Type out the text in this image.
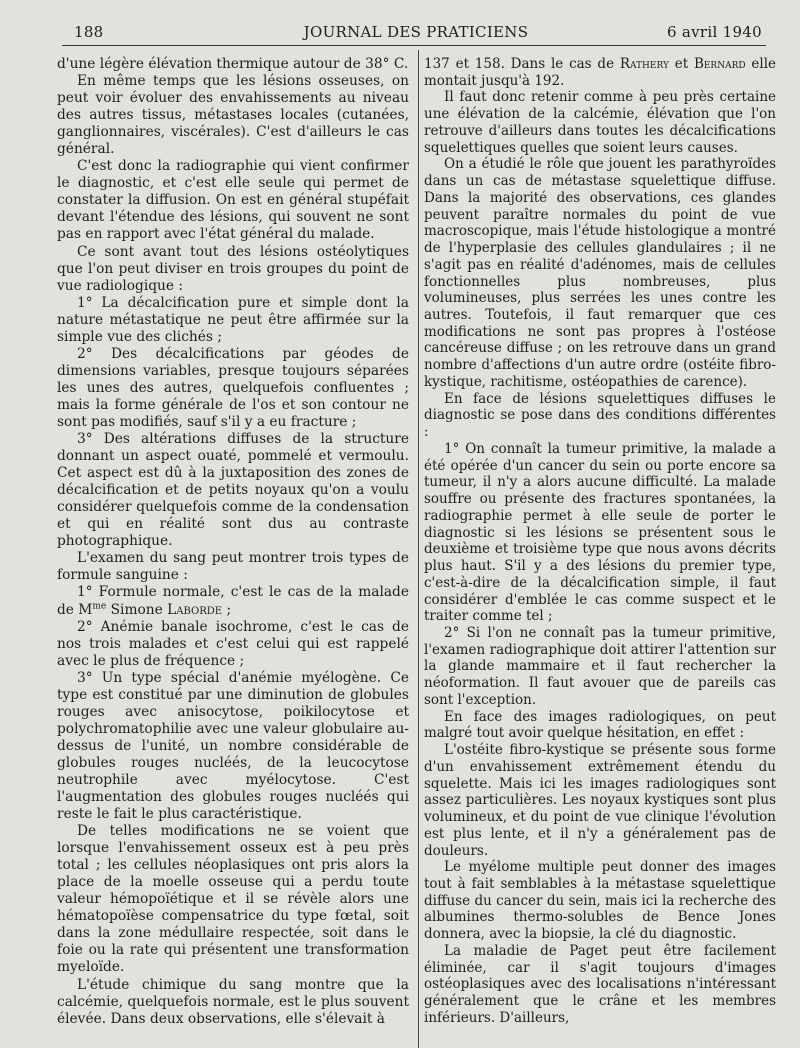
188	JOURNAL DES PRATICIENS	6 avril 1940

d'une légère élévation thermique autour de 38° C.

En même temps que les lésions osseuses, on peut voir évoluer des envahissements au niveau des autres tissus, métastases locales (cutanées, ganglionnaires, viscérales). C'est d'ailleurs le cas général.

C'est donc la radiographie qui vient confirmer le diagnostic, et c'est elle seule qui permet de constater la diffusion. On est en général stupéfait devant l'étendue des lésions, qui souvent ne sont pas en rapport avec l'état général du malade.

Ce sont avant tout des lésions ostéolytiques que l'on peut diviser en trois groupes du point de vue radiologique :

1° La décalcification pure et simple dont la nature métastatique ne peut être affirmée sur la simple vue des clichés ;

2° Des décalcifications par géodes de dimensions variables, presque toujours séparées les unes des autres, quelquefois confluentes ; mais la forme générale de l'os et son contour ne sont pas modifiés, sauf s'il y a eu fracture ;

3° Des altérations diffuses de la structure donnant un aspect ouaté, pommelé et vermoulu. Cet aspect est dû à la juxtaposition des zones de décalcification et de petits noyaux qu'on a voulu considérer quelquefois comme de la condensation et qui en réalité sont dus au contraste photographique.

L'examen du sang peut montrer trois types de formule sanguine :

1° Formule normale, c'est le cas de la malade de $M^{me}$ Simone Laborde ;

2° Anémie banale isochrome, c'est le cas de nos trois malades et c'est celui qui est rappelé avec le plus de fréquence ;

3° Un type spécial d'anémie myélogène. Ce type est constitué par une diminution de globules rouges avec anisocytose, poikilocytose et polychromatophilie avec une valeur globulaire au-dessus de l'unité, un nombre considérable de globules rouges nucléés, de la leucocytose neutrophile avec myélocytose. C'est l'augmentation des globules rouges nucléés qui reste le fait le plus caractéristique.

De telles modifications ne se voient que lorsque l'envahissement osseux est à peu près total ; les cellules néoplasiques ont pris alors la place de la moelle osseuse qui a perdu toute valeur hémopoïétique et il se révèle alors une hématopoïèse compensatrice du type fœtal, soit dans la zone médullaire respectée, soit dans le foie ou la rate qui présentent une transformation myeloïde.

L'étude chimique du sang montre que la calcémie, quelquefois normale, est le plus souvent élevée. Dans deux observations, elle s'élevait à

137 et 158. Dans le cas de Rathery et Bernard elle montait jusqu'à 192.

Il faut donc retenir comme à peu près certaine une élévation de la calcémie, élévation que l'on retrouve d'ailleurs dans toutes les décalcifications squelettiques quelles que soient leurs causes.

On a étudié le rôle que jouent les parathyroïdes dans un cas de métastase squelettique diffuse. Dans la majorité des observations, ces glandes peuvent paraître normales du point de vue macroscopique, mais l'étude histologique a montré de l'hyperplasie des cellules glandulaires ; il ne s'agit pas en réalité d'adénomes, mais de cellules fonctionnelles plus nombreuses, plus volumineuses, plus serrées les unes contre les autres. Toutefois, il faut remarquer que ces modifications ne sont pas propres à l'ostéose cancéreuse diffuse ; on les retrouve dans un grand nombre d'affections d'un autre ordre (ostéite fibro-kystique, rachitisme, ostéopathies de carence).

En face de lésions squelettiques diffuses le diagnostic se pose dans des conditions différentes :

1° On connaît la tumeur primitive, la malade a été opérée d'un cancer du sein ou porte encore sa tumeur, il n'y a alors aucune difficulté. La malade souffre ou présente des fractures spontanées, la radiographie permet à elle seule de porter le diagnostic si les lésions se présentent sous le deuxième et troisième type que nous avons décrits plus haut. S'il y a des lésions du premier type, c'est-à-dire de la décalcification simple, il faut considérer d'emblée le cas comme suspect et le traiter comme tel ;

2° Si l'on ne connaît pas la tumeur primitive, l'examen radiographique doit attirer l'attention sur la glande mammaire et il faut rechercher la néoformation. Il faut avouer que de pareils cas sont l'exception.

En face des images radiologiques, on peut malgré tout avoir quelque hésitation, en effet :

L'ostéite fibro-kystique se présente sous forme d'un envahissement extrêmement étendu du squelette. Mais ici les images radiologiques sont assez particulières. Les noyaux kystiques sont plus volumineux, et du point de vue clinique l'évolution est plus lente, et il n'y a généralement pas de douleurs.

Le myélome multiple peut donner des images tout à fait semblables à la métastase squelettique diffuse du cancer du sein, mais ici la recherche des albumines thermo-solubles de Bence Jones donnera, avec la biopsie, la clé du diagnostic.

La maladie de Paget peut être facilement éliminée, car il s'agit toujours d'images ostéoplasiques avec des localisations n'intéressant généralement que le crâne et les membres inférieurs. D'ailleurs,
